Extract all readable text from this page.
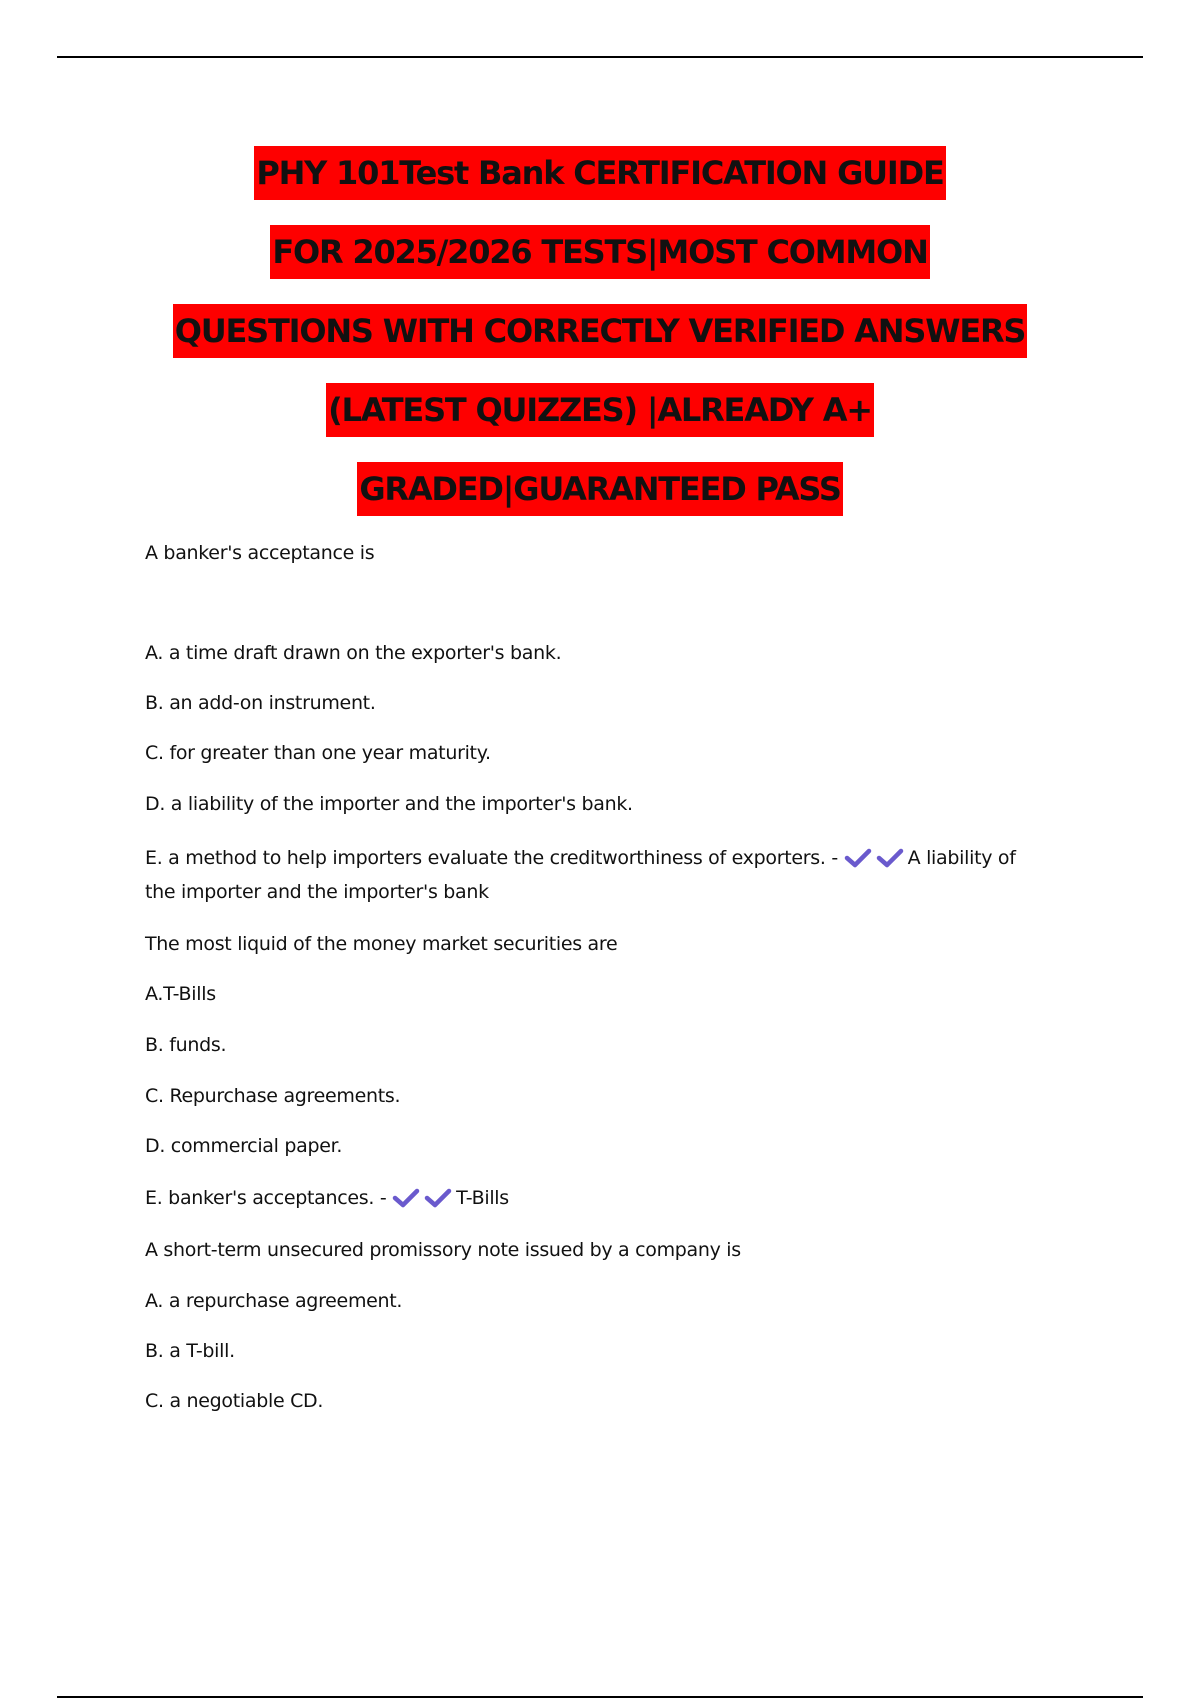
PHY 101Test Bank CERTIFICATION GUIDE
FOR 2025/2026 TESTS|MOST COMMON
QUESTIONS WITH CORRECTLY VERIFIED ANSWERS
(LATEST QUIZZES) |ALREADY A+
GRADED|GUARANTEED PASS
A banker's acceptance is
A. a time draft drawn on the exporter's bank.
B. an add-on instrument.
C. for greater than one year maturity.
D. a liability of the importer and the importer's bank.
E. a method to help importers evaluate the creditworthiness of exporters. -	A liability of
the importer and the importer's bank
The most liquid of the money market securities are
A.T-Bills
B. funds.
C. Repurchase agreements.
D. commercial paper.
E. banker's acceptances. -	T-Bills
A short-term unsecured promissory note issued by a company is
A. a repurchase agreement.
B. a T-bill.
C. a negotiable CD.
